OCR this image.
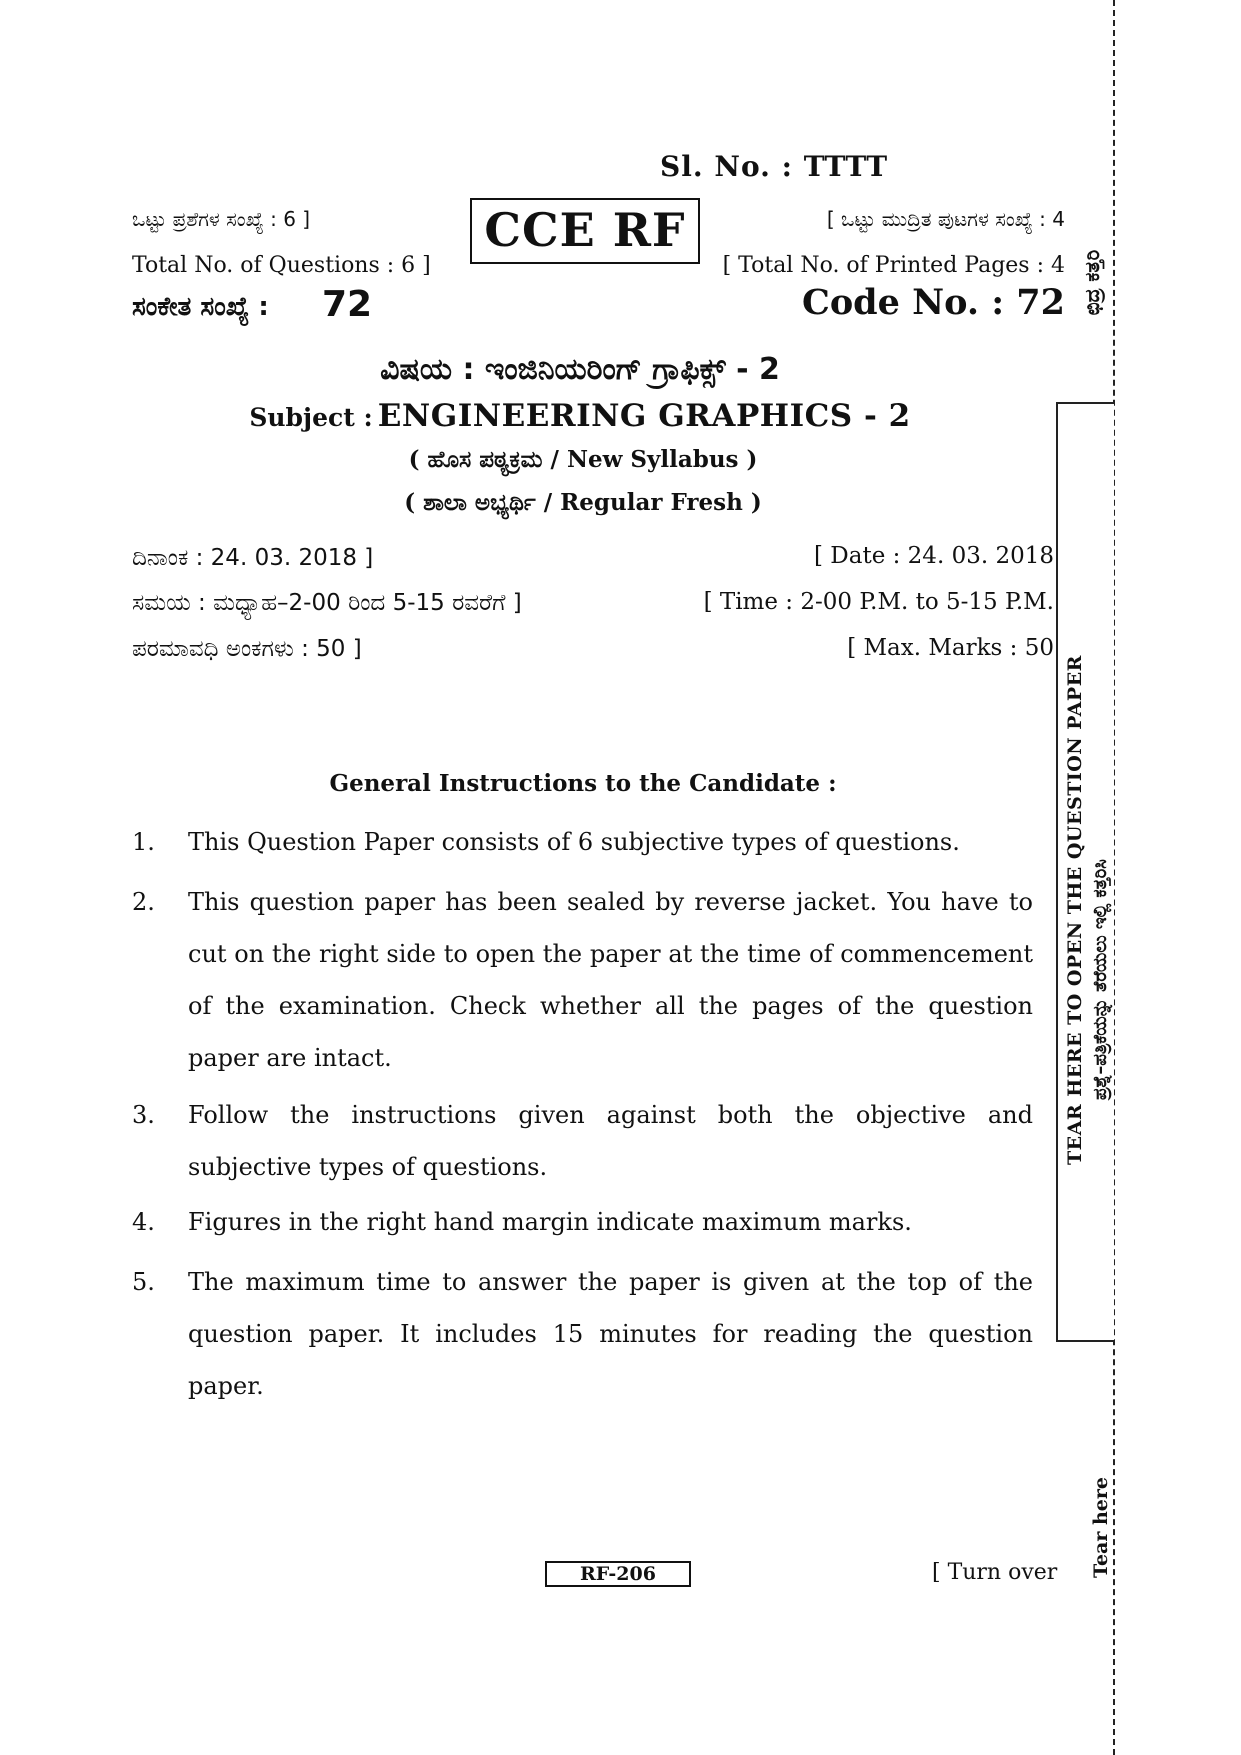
Sl. No. : TTTT
CCE RF
ಒಟ್ಟು ಪ್ರಶೆಗಳ ಸಂಖ್ಯೆ : 6 ]
Total No. of Questions : 6 ]
ಸಂಕೇತ ಸಂಖ್ಯೆ : 72
[ ಒಟ್ಟು ಮುದ್ರಿತ ಪುಟಗಳ ಸಂಖ್ಯೆ : 4
[ Total No. of Printed Pages : 4
Code No. : 72
ವಿಷಯ : ಇಂಜಿನಿಯರಿಂಗ್ ಗ್ರಾಫಿಕ್ಸ್ - 2
Subject : ENGINEERING GRAPHICS - 2
( ಹೊಸ ಪಠ್ಯಕ್ರಮ / New Syllabus )
( ಶಾಲಾ ಅಭ್ಯರ್ಥಿ / Regular Fresh )
ದಿನಾಂಕ : 24. 03. 2018 ]	[ Date : 24. 03. 2018
ಸಮಯ : ಮಧ್ಯಾಹ–2-00 ರಿಂದ 5-15 ರವರೆಗೆ ]	[ Time : 2-00 P.M. to 5-15 P.M.
ಪರಮಾವಧಿ ಅಂಕಗಳು : 50 ]	[ Max. Marks : 50
General Instructions to the Candidate :
1. This Question Paper consists of 6 subjective types of questions.
2. This question paper has been sealed by reverse jacket. You have to cut on the right side to open the paper at the time of commencement of the examination. Check whether all the pages of the question paper are intact.
3. Follow the instructions given against both the objective and subjective types of questions.
4. Figures in the right hand margin indicate maximum marks.
5. The maximum time to answer the paper is given at the top of the question paper. It includes 15 minutes for reading the question paper.
RF-206	[ Turn over
TEAR HERE TO OPEN THE QUESTION PAPER ಪ್ರಶ್ನೆ–ಪತ್ರಿಕೆಯನ್ನು ತೆರೆಯಲು ಇಲ್ಲಿ ಕತ್ತರಿಸಿ
ಛಿದ್ರ ಕತ್ತರಿ
Tear here
